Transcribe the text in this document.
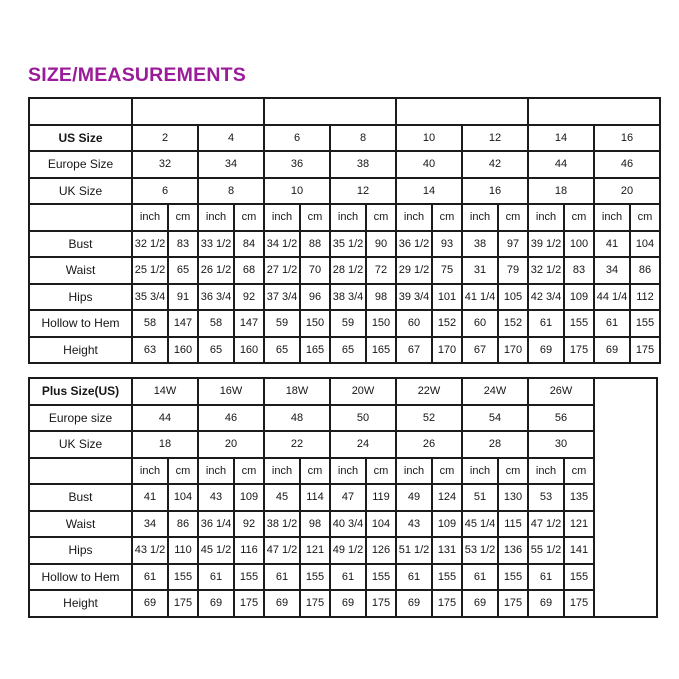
SIZE/MEASUREMENTS

US Size	2		4		6		8		10		12		14		16	
Europe Size	32		34		36		38		40		42		44		46	
UK Size	6		8		10		12		14		16		18		20	
	inch	cm	inch	cm	inch	cm	inch	cm	inch	cm	inch	cm	inch	cm	inch	cm
Bust	32 1/2	83	33 1/2	84	34 1/2	88	35 1/2	90	36 1/2	93	38	97	39 1/2	100	41	104
Waist	25 1/2	65	26 1/2	68	27 1/2	70	28 1/2	72	29 1/2	75	31	79	32 1/2	83	34	86
Hips	35 3/4	91	36 3/4	92	37 3/4	96	38 3/4	98	39 3/4	101	41 1/4	105	42 3/4	109	44 1/4	112
Hollow to Hem	58	147	58	147	59	150	59	150	60	152	60	152	61	155	61	155
Height	63	160	65	160	65	165	65	165	67	170	67	170	69	175	69	175
Plus Size(US)	14W		16W		18W		20W		22W		24W		26W		
Europe size	44		46		48		50		52		54		56		
UK Size	18		20		22		24		26		28		30		
	inch	cm	inch	cm	inch	cm	inch	cm	inch	cm	inch	cm	inch	cm	
Bust	41	104	43	109	45	114	47	119	49	124	51	130	53	135	
Waist	34	86	36 1/4	92	38 1/2	98	40 3/4	104	43	109	45 1/4	115	47 1/2	121	
Hips	43 1/2	110	45 1/2	116	47 1/2	121	49 1/2	126	51 1/2	131	53 1/2	136	55 1/2	141	
Hollow to Hem	61	155	61	155	61	155	61	155	61	155	61	155	61	155	
Height	69	175	69	175	69	175	69	175	69	175	69	175	69	175	
